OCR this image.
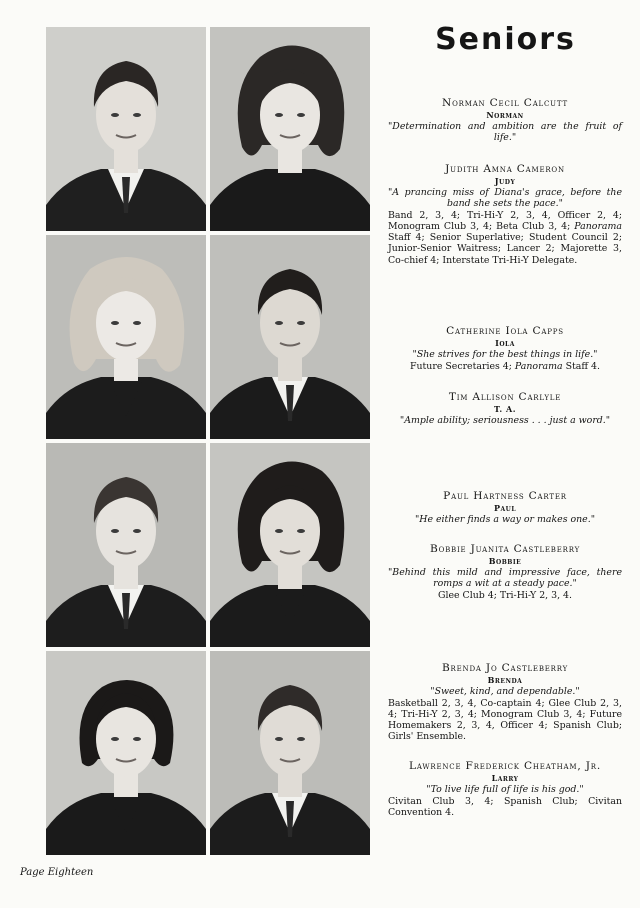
Seniors

Norman Cecil Calcutt

Norman

"Determination and ambition are the fruit of life."

Judith Amna Cameron

Judy

"A prancing miss of Diana's grace, before the band she sets the pace."

Band 2, 3, 4; Tri-Hi-Y 2, 3, 4, Officer 2, 4; Monogram Club 3, 4; Beta Club 3, 4; Panorama Staff 4; Senior Superlative; Student Council 2; Junior-Senior Waitress; Lancer 2; Majorette 3, Co-chief 4; Interstate Tri-Hi-Y Delegate.

Catherine Iola Capps

Iola

"She strives for the best things in life."

Future Secretaries 4; Panorama Staff 4.

Tim Allison Carlyle

T. A.

"Ample ability; seriousness . . . just a word."

Paul Hartness Carter

Paul

"He either finds a way or makes one."

Bobbie Juanita Castleberry

Bobbie

"Behind this mild and impressive face, there romps a wit at a steady pace."

Glee Club 4; Tri-Hi-Y 2, 3, 4.

Brenda Jo Castleberry

Brenda

"Sweet, kind, and dependable."

Basketball 2, 3, 4, Co-captain 4; Glee Club 2, 3, 4; Tri-Hi-Y 2, 3, 4; Monogram Club 3, 4; Future Homemakers 2, 3, 4, Officer 4; Spanish Club; Girls' Ensemble.

Lawrence Frederick Cheatham, Jr.

Larry

"To live life full of life is his god."

Civitan Club 3, 4; Spanish Club; Civitan Convention 4.

Page Eighteen
